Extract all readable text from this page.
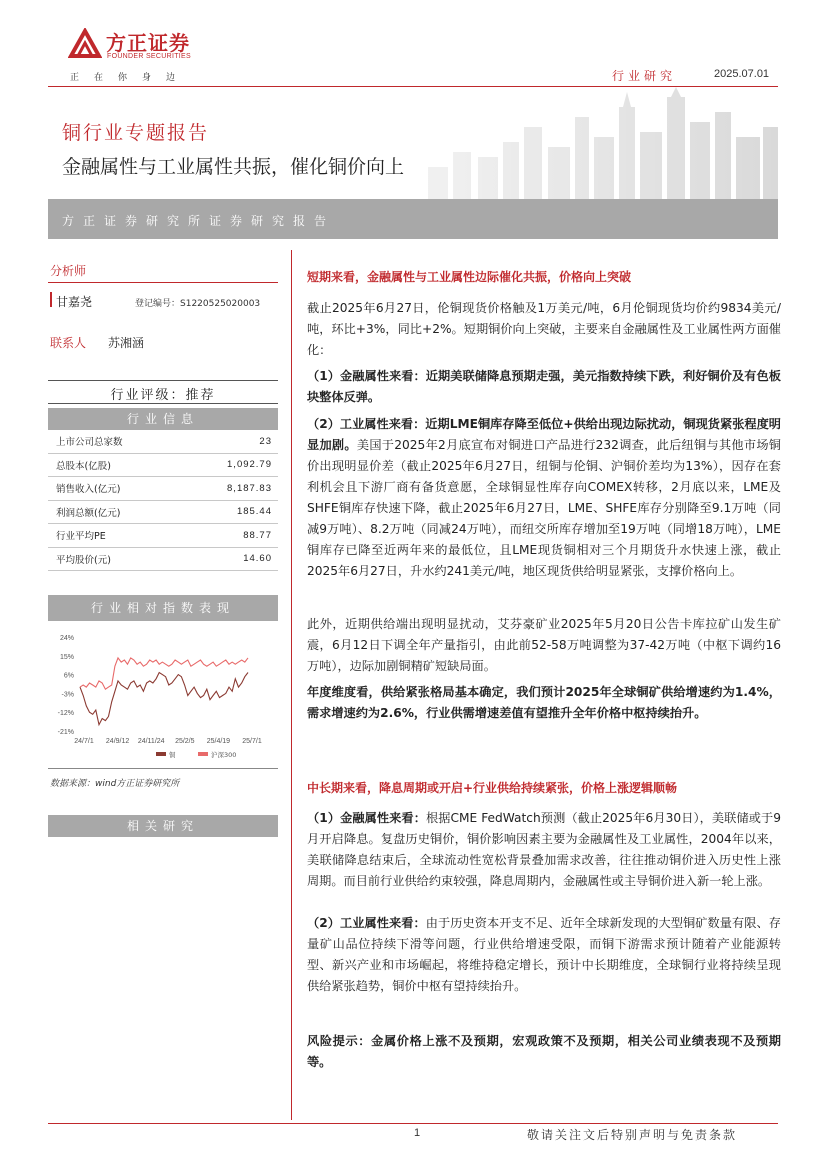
方正证券
FOUNDER SECURITIES
正在你身边	行业研究	2025.07.01
铜行业专题报告
金融属性与工业属性共振，催化铜价向上
方正证券研究所证券研究报告
分析师
甘嘉尧	登记编号：S1220525020003
联系人 苏湘涵
行业评级：推荐
行业信息
上市公司总家数	23
总股本(亿股)	1,092.79
销售收入(亿元)	8,187.83
利润总额(亿元)	185.44
行业平均PE	88.77
平均股价(元)	14.60
行业相对指数表现
24%
15%
6%
-3%
-12%
-21%
24/7/1 24/9/12 24/11/24 25/2/5 25/4/19 25/7/1
铜	沪深300
数据来源：wind方正证券研究所
相关研究
短期来看，金融属性与工业属性边际催化共振，价格向上突破
截止2025年6月27日，伦铜现货价格触及1万美元/吨，6月伦铜现货均价约9834美元/吨，环比+3%，同比+2%。短期铜价向上突破，主要来自金融属性及工业属性两方面催化：
（1）金融属性来看：近期美联储降息预期走强，美元指数持续下跌，利好铜价及有色板块整体反弹。
（2）工业属性来看：近期LME铜库存降至低位+供给出现边际扰动，铜现货紧张程度明显加剧。美国于2025年2月底宣布对铜进口产品进行232调查，此后纽铜与其他市场铜价出现明显价差（截止2025年6月27日，纽铜与伦铜、沪铜价差均为13%），因存在套利机会且下游厂商有备货意愿，全球铜显性库存向COMEX转移，2月底以来，LME及SHFE铜库存快速下降，截止2025年6月27日，LME、SHFE库存分别降至9.1万吨（同减9万吨）、8.2万吨（同减24万吨），而纽交所库存增加至19万吨（同增18万吨），LME铜库存已降至近两年来的最低位，且LME现货铜相对三个月期货升水快速上涨，截止2025年6月27日，升水约241美元/吨，地区现货供给明显紧张，支撑价格向上。
此外，近期供给端出现明显扰动，艾芬豪矿业2025年5月20日公告卡库拉矿山发生矿震，6月12日下调全年产量指引，由此前52-58万吨调整为37-42万吨（中枢下调约16万吨），边际加剧铜精矿短缺局面。
年度维度看，供给紧张格局基本确定，我们预计2025年全球铜矿供给增速约为1.4%，需求增速约为2.6%，行业供需增速差值有望推升全年价格中枢持续抬升。
中长期来看，降息周期或开启+行业供给持续紧张，价格上涨逻辑顺畅
（1）金融属性来看：根据CME FedWatch预测（截止2025年6月30日），美联储或于9月开启降息。复盘历史铜价，铜价影响因素主要为金融属性及工业属性，2004年以来，美联储降息结束后，全球流动性宽松背景叠加需求改善，往往推动铜价进入历史性上涨周期。而目前行业供给约束较强，降息周期内，金融属性或主导铜价进入新一轮上涨。
（2）工业属性来看：由于历史资本开支不足、近年全球新发现的大型铜矿数量有限、存量矿山品位持续下滑等问题，行业供给增速受限，而铜下游需求预计随着产业能源转型、新兴产业和市场崛起，将维持稳定增长，预计中长期维度，全球铜行业将持续呈现供给紧张趋势，铜价中枢有望持续抬升。
风险提示：金属价格上涨不及预期，宏观政策不及预期，相关公司业绩表现不及预期等。
1	敬请关注文后特别声明与免责条款
